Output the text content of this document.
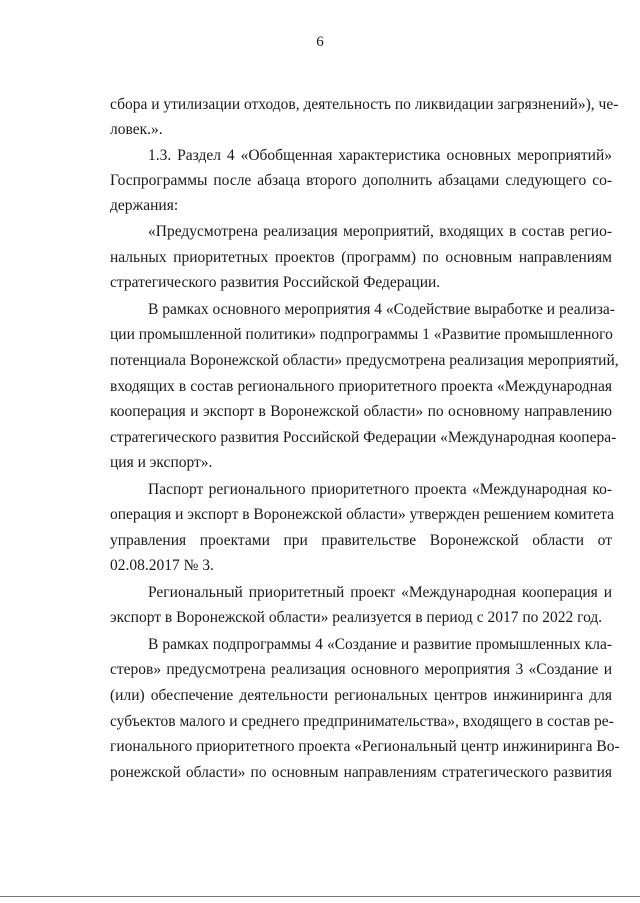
6
сбора и утилизации отходов, деятельность по ликвидации загрязнений»), че-
ловек.».
1.3. Раздел 4 «Обобщенная характеристика основных мероприятий»
Госпрограммы после абзаца второго дополнить абзацами следующего со-
держания:
«Предусмотрена реализация мероприятий, входящих в состав регио-
нальных приоритетных проектов (программ) по основным направлениям
стратегического развития Российской Федерации.
В рамках основного мероприятия 4 «Содействие выработке и реализа-
ции промышленной политики» подпрограммы 1 «Развитие промышленного
потенциала Воронежской области» предусмотрена реализация мероприятий,
входящих в состав регионального приоритетного проекта «Международная
кооперация и экспорт в Воронежской области» по основному направлению
стратегического развития Российской Федерации «Международная коопера-
ция и экспорт».
Паспорт регионального приоритетного проекта «Международная ко-
операция и экспорт в Воронежской области» утвержден решением комитета
управления проектами при правительстве Воронежской области от
02.08.2017 № 3.
Региональный приоритетный проект «Международная кооперация и
экспорт в Воронежской области» реализуется в период с 2017 по 2022 год.
В рамках подпрограммы 4 «Создание и развитие промышленных кла-
стеров» предусмотрена реализация основного мероприятия 3 «Создание и
(или) обеспечение деятельности региональных центров инжиниринга для
субъектов малого и среднего предпринимательства», входящего в состав ре-
гионального приоритетного проекта «Региональный центр инжиниринга Во-
ронежской области» по основным направлениям стратегического развития
